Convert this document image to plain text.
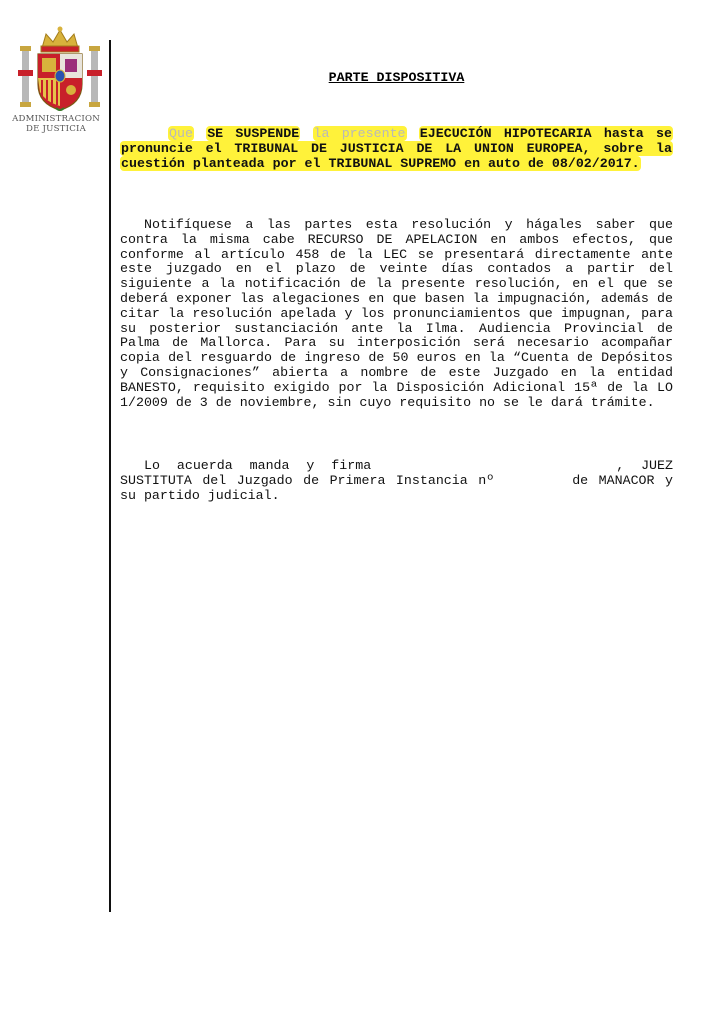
ADMINISTRACION
DE JUSTICIA
PARTE DISPOSITIVA
Que SE SUSPENDE la presente EJECUCIÓN HIPOTECARIA hasta se pronuncie el TRIBUNAL DE JUSTICIA DE LA UNION EUROPEA, sobre la cuestión planteada por el TRIBUNAL SUPREMO en auto de 08/02/2017.
Notifíquese a las partes esta resolución y hágales saber que contra la misma cabe RECURSO DE APELACION en ambos efectos, que conforme al artículo 458 de la LEC se presentará directamente ante este juzgado en el plazo de veinte días contados a partir del siguiente a la notificación de la presente resolución, en el que se deberá exponer las alegaciones en que basen la impugnación, además de citar la resolución apelada y los pronunciamientos que impugnan, para su posterior sustanciación ante la Ilma. Audiencia Provincial de Palma de Mallorca. Para su interposición será necesario acompañar copia del resguardo de ingreso de 50 euros en la “Cuenta de Depósitos y Consignaciones” abierta a nombre de este Juzgado en la entidad BANESTO, requisito exigido por la Disposición Adicional 15ª de la LO 1/2009 de 3 de noviembre, sin cuyo requisito no se le dará trámite.
Lo acuerda manda y firma	, JUEZ SUSTITUTA del Juzgado de Primera Instancia nº	de MANACOR y su partido judicial.
